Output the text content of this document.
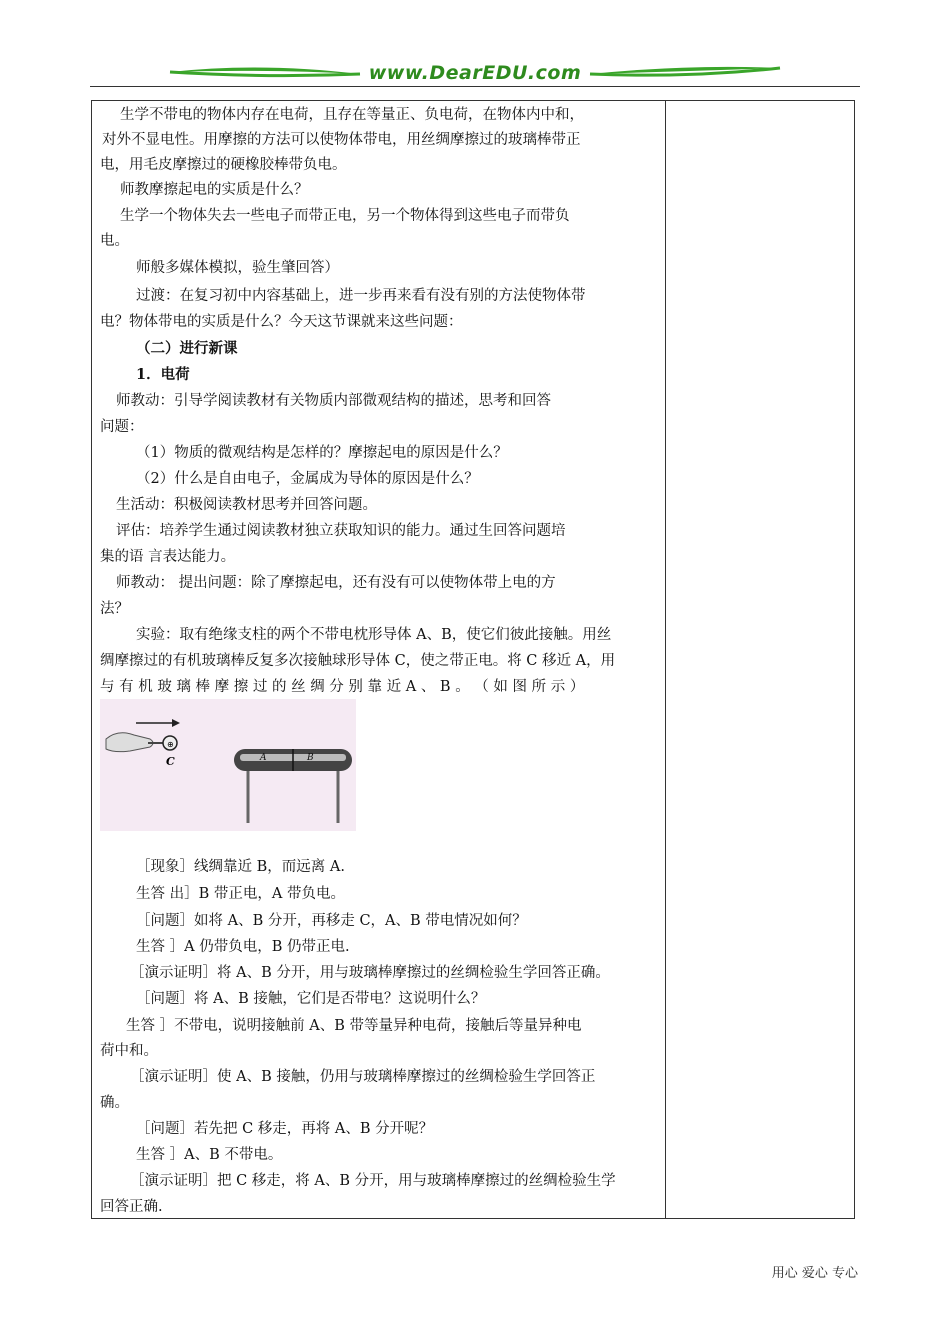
www.DearEDU.com
生学不带电的物体内存在电荷，且存在等量正、负电荷，在物体内中和，
对外不显电性。用摩擦的方法可以使物体带电，用丝绸摩擦过的玻璃棒带正
电，用毛皮摩擦过的硬橡胶棒带负电。
师教摩擦起电的实质是什么？
生学一个物体失去一些电子而带正电，另一个物体得到这些电子而带负
电。
师般多媒体模拟，验生肇回答）
过渡：在复习初中内容基础上，进一步再来看有没有别的方法使物体带
电？物体带电的实质是什么？今天这节课就来这些问题：
（二）进行新课
1．电荷
师教动：引导学阅读教材有关物质内部微观结构的描述，思考和回答
问题：
（1）物质的微观结构是怎样的？摩擦起电的原因是什么？
（2）什么是自由电子，金属成为导体的原因是什么？
生活动：积极阅读教材思考并回答问题。
评估：培养学生通过阅读教材独立获取知识的能力。通过生回答问题培
集的语 言表达能力。
师教动： 提出问题：除了摩擦起电，还有没有可以使物体带上电的方
法？
实验：取有绝缘支柱的两个不带电枕形导体 A、B，使它们彼此接触。用丝
绸摩擦过的有机玻璃棒反复多次接触球形导体 C，使之带正电。将 C 移近 A，用
与 有 机 玻 璃 棒 摩 擦 过 的 丝 绸 分 别 靠 近 A 、 B 。 （ 如 图 所 示 ）
［现象］线绸靠近 B，而远离 A.
生答 出］B 带正电，A 带负电。
［问题］如将 A、B 分开，再移走 C，A、B 带电情况如何？
生答 ］A 仍带负电，B 仍带正电.
［演示证明］将 A、B 分开，用与玻璃棒摩擦过的丝绸检验生学回答正确。
［问题］将 A、B 接触，它们是否带电？这说明什么？
生答 ］不带电，说明接触前 A、B 带等量异种电荷，接触后等量异种电
荷中和。
［演示证明］使 A、B 接触，仍用与玻璃棒摩擦过的丝绸检验生学回答正
确。
［问题］若先把 C 移走，再将 A、B 分开呢？
生答 ］A、B 不带电。
［演示证明］把 C 移走，将 A、B 分开，用与玻璃棒摩擦过的丝绸检验生学
回答正确.
⊕
C	A	B
用心 爱心 专心
